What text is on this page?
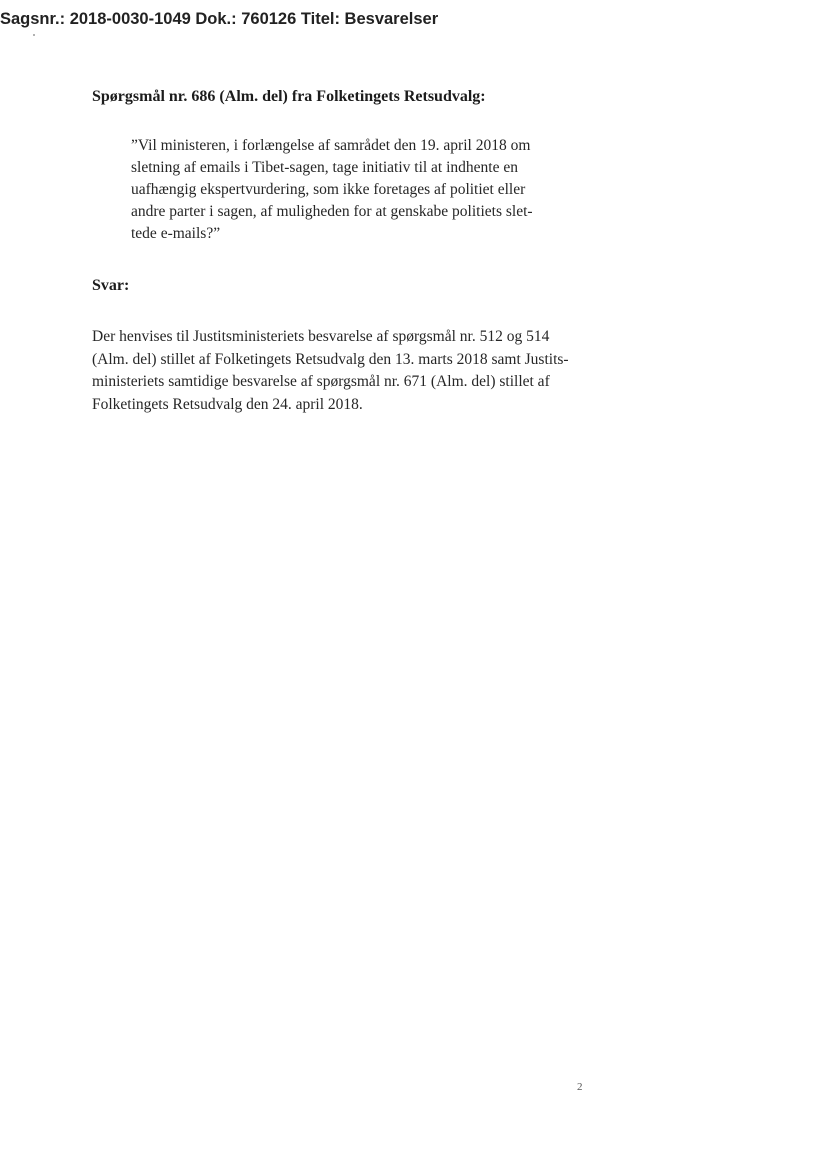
Sagsnr.: 2018-0030-1049 Dok.: 760126 Titel: Besvarelser
Spørgsmål nr. 686 (Alm. del) fra Folketingets Retsudvalg:
”Vil ministeren, i forlængelse af samrådet den 19. april 2018 om
sletning af emails i Tibet-sagen, tage initiativ til at indhente en
uafhængig ekspertvurdering, som ikke foretages af politiet eller
andre parter i sagen, af muligheden for at genskabe politiets slet-
tede e-mails?”
Svar:
Der henvises til Justitsministeriets besvarelse af spørgsmål nr. 512 og 514
(Alm. del) stillet af Folketingets Retsudvalg den 13. marts 2018 samt Justits-
ministeriets samtidige besvarelse af spørgsmål nr. 671 (Alm. del) stillet af
Folketingets Retsudvalg den 24. april 2018.
2
